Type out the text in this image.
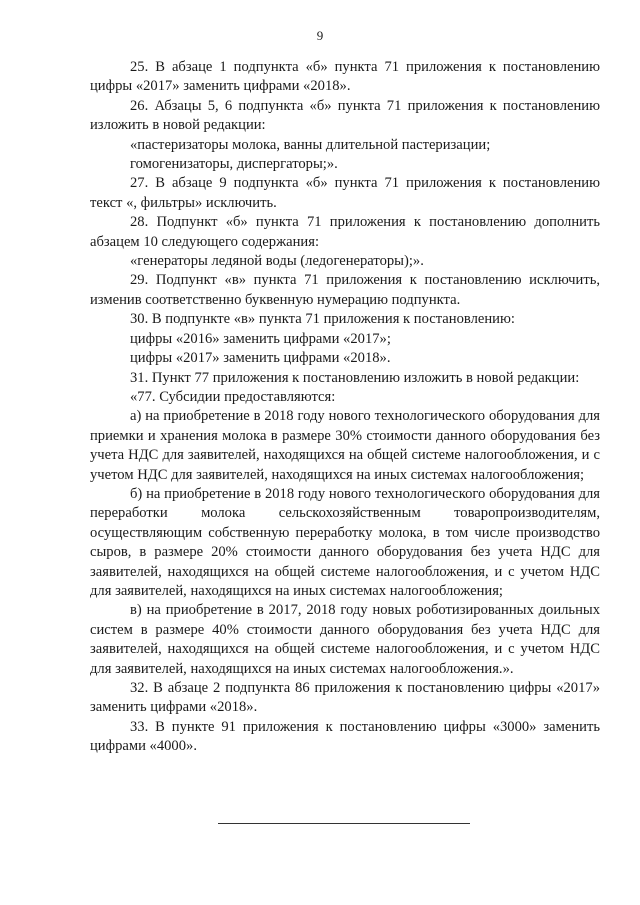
9

25. В абзаце 1 подпункта «б» пункта 71 приложения к постановлению цифры «2017» заменить цифрами «2018».

26. Абзацы 5, 6 подпункта «б» пункта 71 приложения к постановлению изложить в новой редакции:

«пастеризаторы молока, ванны длительной пастеризации;

гомогенизаторы, диспергаторы;».

27. В абзаце 9 подпункта «б» пункта 71 приложения к постановлению текст «, фильтры» исключить.

28. Подпункт «б» пункта 71 приложения к постановлению дополнить абзацем 10 следующего содержания:

«генераторы ледяной воды (ледогенераторы);».

29. Подпункт «в» пункта 71 приложения к постановлению исключить, изменив соответственно буквенную нумерацию подпункта.

30. В подпункте «в» пункта 71 приложения к постановлению:

цифры «2016» заменить цифрами «2017»;

цифры «2017» заменить цифрами «2018».

31. Пункт 77 приложения к постановлению изложить в новой редакции:

«77. Субсидии предоставляются:

а) на приобретение в 2018 году нового технологического оборудования для приемки и хранения молока в размере 30% стоимости данного оборудования без учета НДС для заявителей, находящихся на общей системе налогообложения, и с учетом НДС для заявителей, находящихся на иных системах налогообложения;

б) на приобретение в 2018 году нового технологического оборудования для переработки молока сельскохозяйственным товаропроизводителям, осуществляющим собственную переработку молока, в том числе производство сыров, в размере 20% стоимости данного оборудования без учета НДС для заявителей, находящихся на общей системе налогообложения, и с учетом НДС для заявителей, находящихся на иных системах налогообложения;

в) на приобретение в 2017, 2018 году новых роботизированных доильных систем в размере 40% стоимости данного оборудования без учета НДС для заявителей, находящихся на общей системе налогообложения, и с учетом НДС для заявителей, находящихся на иных системах налогообложения.».

32. В абзаце 2 подпункта 86 приложения к постановлению цифры «2017» заменить цифрами «2018».

33. В пункте 91 приложения к постановлению цифры «3000» заменить цифрами «4000».
